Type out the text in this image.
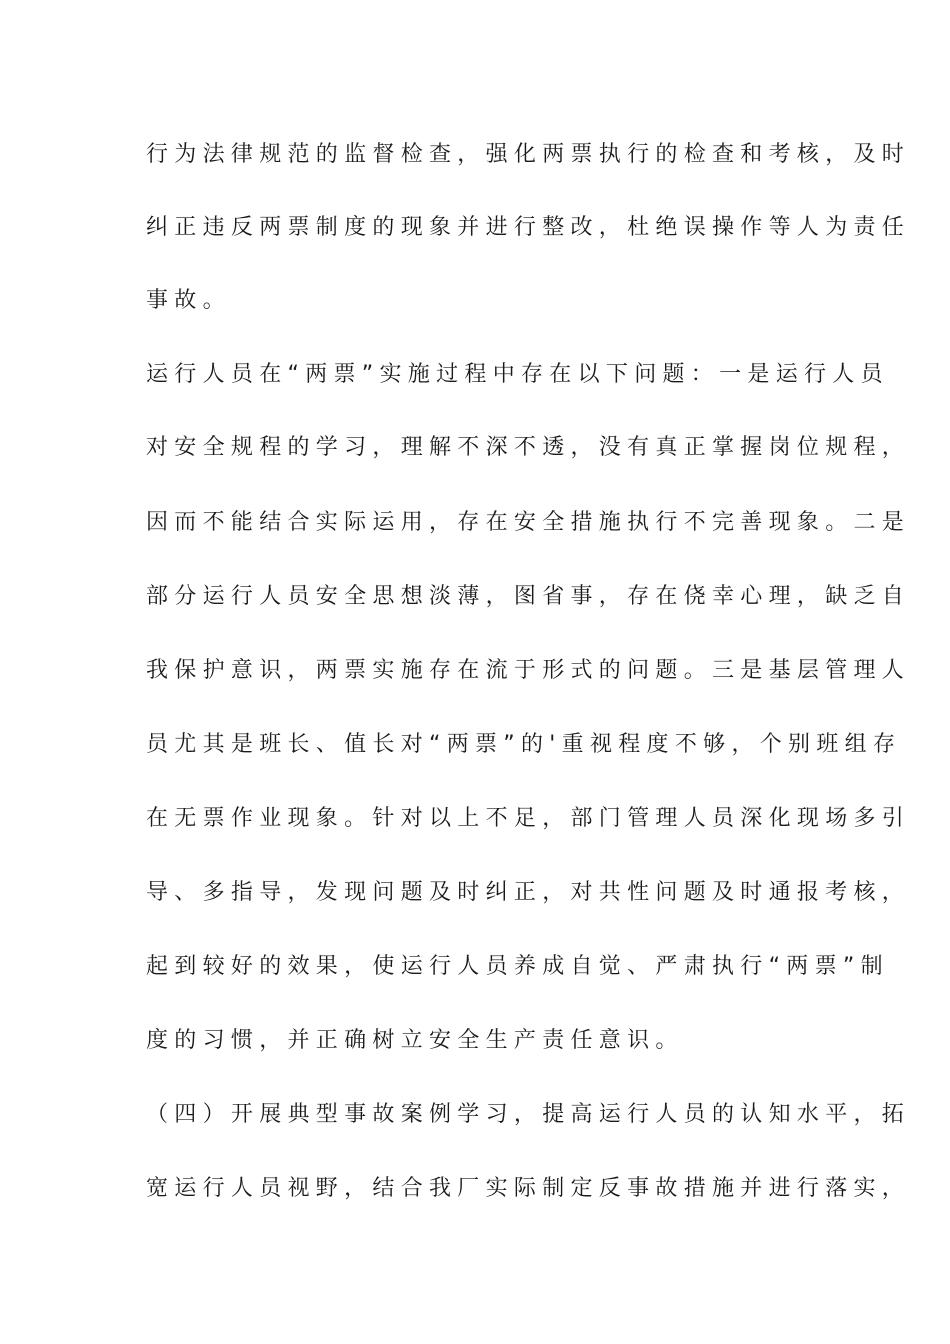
行为法律规范的监督检查，强化两票执行的检查和考核，及时
纠正违反两票制度的现象并进行整改，杜绝误操作等人为责任
事故。
运行人员在“两票”实施过程中存在以下问题：一是运行人员
对安全规程的学习，理解不深不透，没有真正掌握岗位规程，
因而不能结合实际运用，存在安全措施执行不完善现象。二是
部分运行人员安全思想淡薄，图省事，存在侥幸心理，缺乏自
我保护意识，两票实施存在流于形式的问题。三是基层管理人
员尤其是班长、值长对“两票”的'重视程度不够，个别班组存
在无票作业现象。针对以上不足，部门管理人员深化现场多引
导、多指导，发现问题及时纠正，对共性问题及时通报考核，
起到较好的效果，使运行人员养成自觉、严肃执行“两票”制
度的习惯，并正确树立安全生产责任意识。
（四）开展典型事故案例学习，提高运行人员的认知水平，拓
宽运行人员视野，结合我厂实际制定反事故措施并进行落实，
